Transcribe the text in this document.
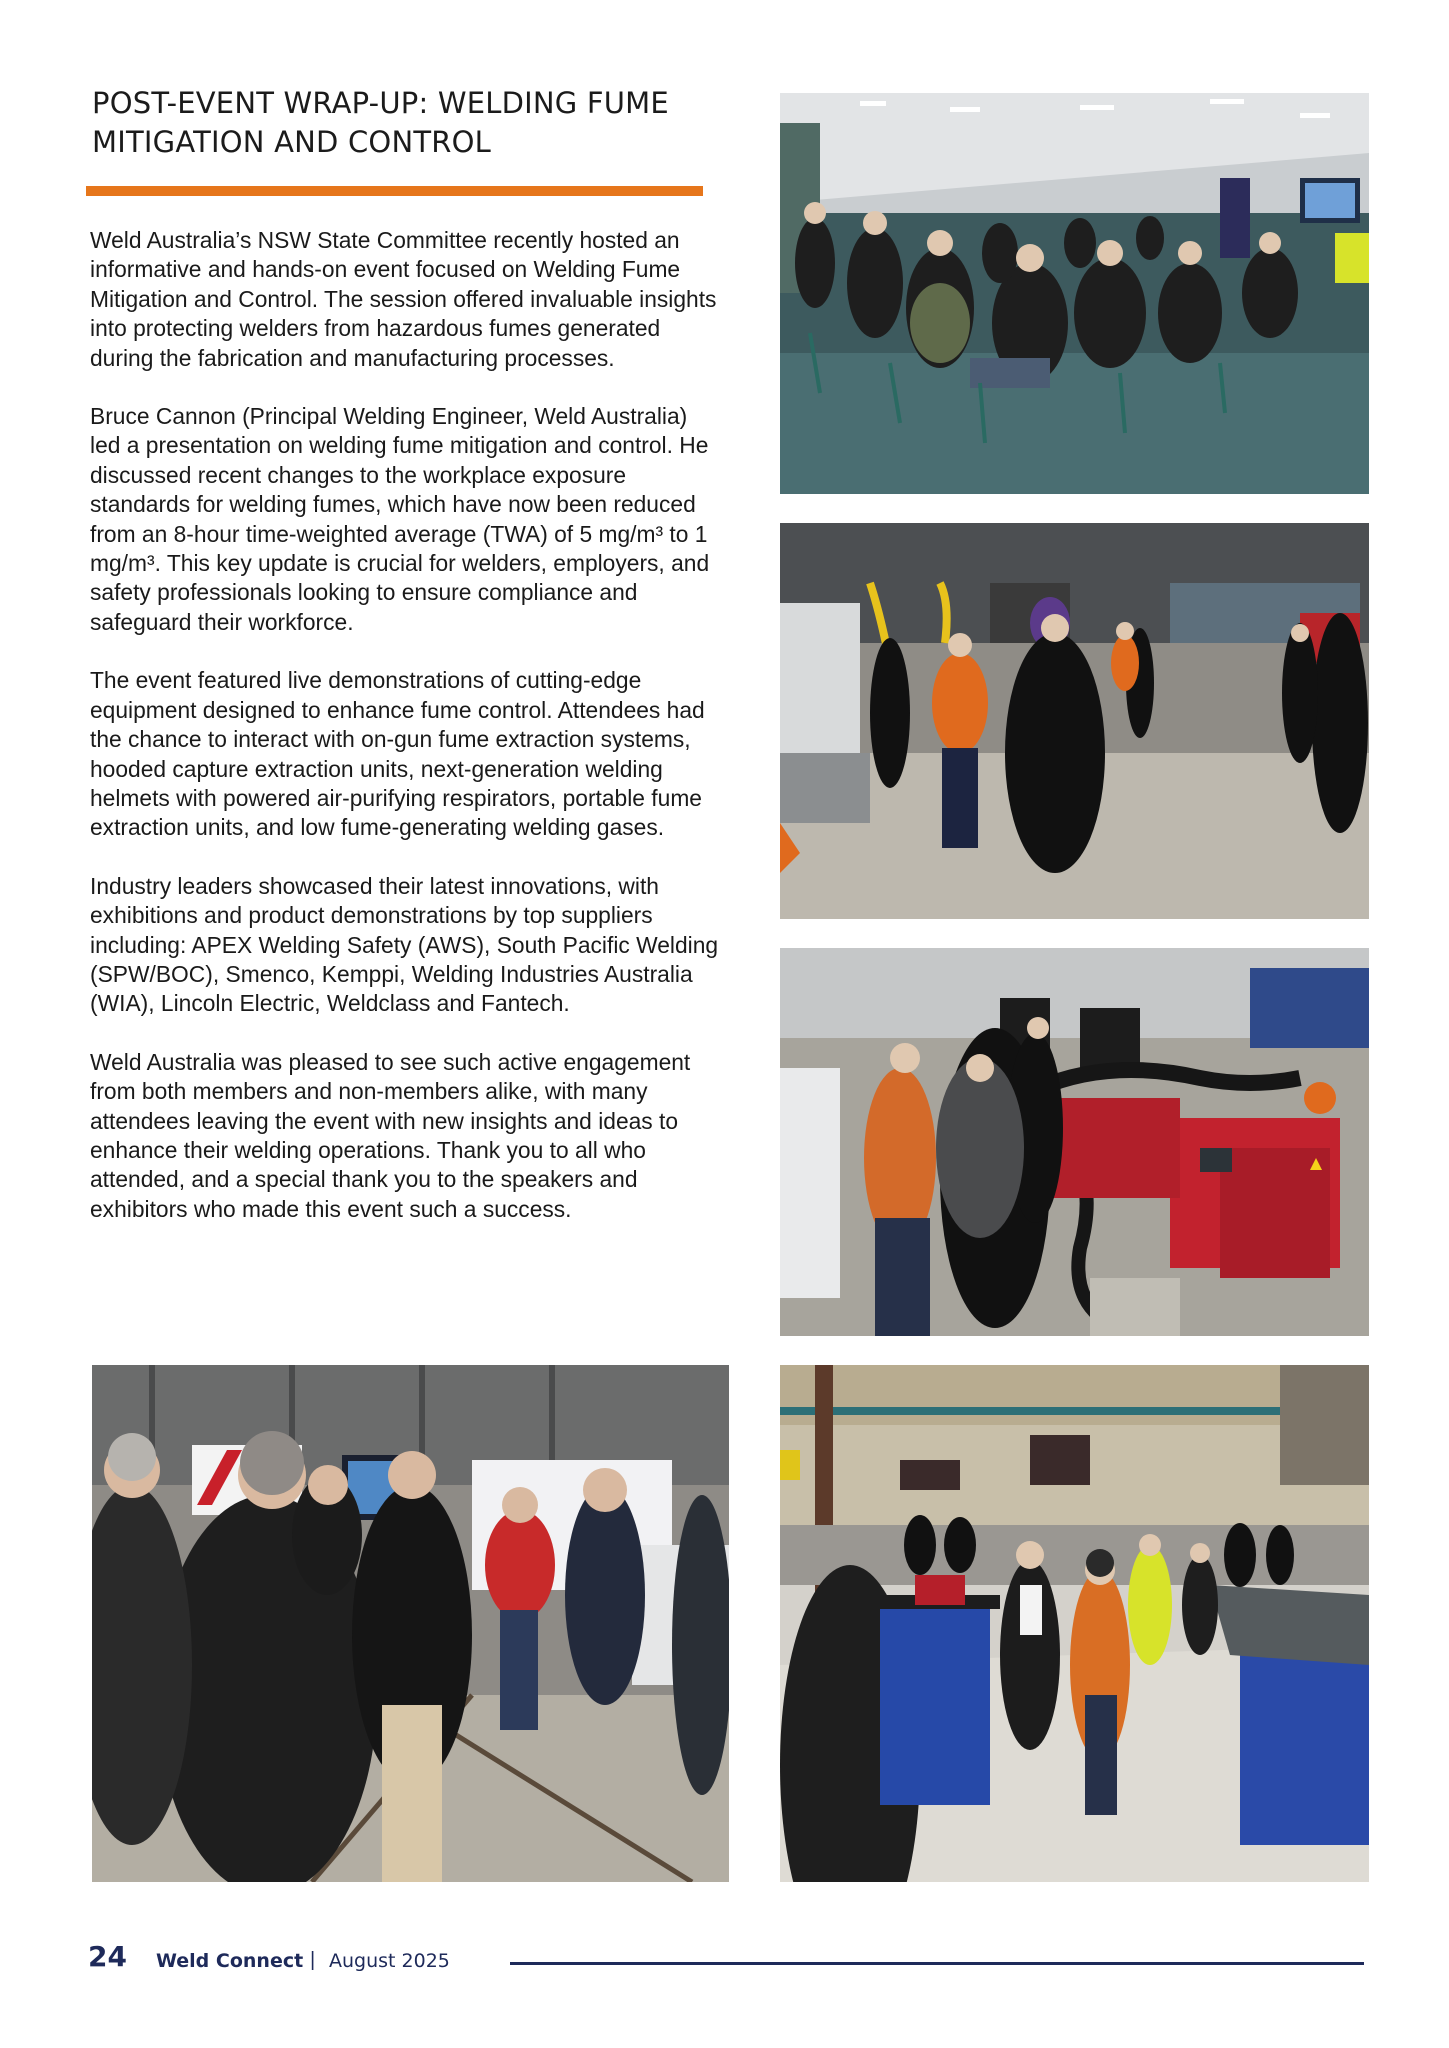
POST-EVENT WRAP-UP: WELDING FUME MITIGATION AND CONTROL

Weld Australia’s NSW State Committee recently hosted an informative and hands-on event focused on Welding Fume Mitigation and Control. The session offered invaluable insights into protecting welders from hazardous fumes generated during the fabrication and manufacturing processes.

Bruce Cannon (Principal Welding Engineer, Weld Australia) led a presentation on welding fume mitigation and control. He discussed recent changes to the workplace exposure standards for welding fumes, which have now been reduced from an 8-hour time-weighted average (TWA) of 5 mg/m³ to 1 mg/m³. This key update is crucial for welders, employers, and safety professionals looking to ensure compliance and safeguard their workforce.

The event featured live demonstrations of cutting-edge equipment designed to enhance fume control. Attendees had the chance to interact with on-gun fume extraction systems, hooded capture extraction units, next-generation welding helmets with powered air-purifying respirators, portable fume extraction units, and low fume-generating welding gases.

Industry leaders showcased their latest innovations, with exhibitions and product demonstrations by top suppliers including: APEX Welding Safety (AWS), South Pacific Welding (SPW/BOC), Smenco, Kemppi, Welding Industries Australia (WIA), Lincoln Electric, Weldclass and Fantech.

Weld Australia was pleased to see such active engagement from both members and non-members alike, with many attendees leaving the event with new insights and ideas to enhance their welding operations. Thank you to all who attended, and a special thank you to the speakers and exhibitors who made this event such a success.

24 Weld Connect | August 2025
